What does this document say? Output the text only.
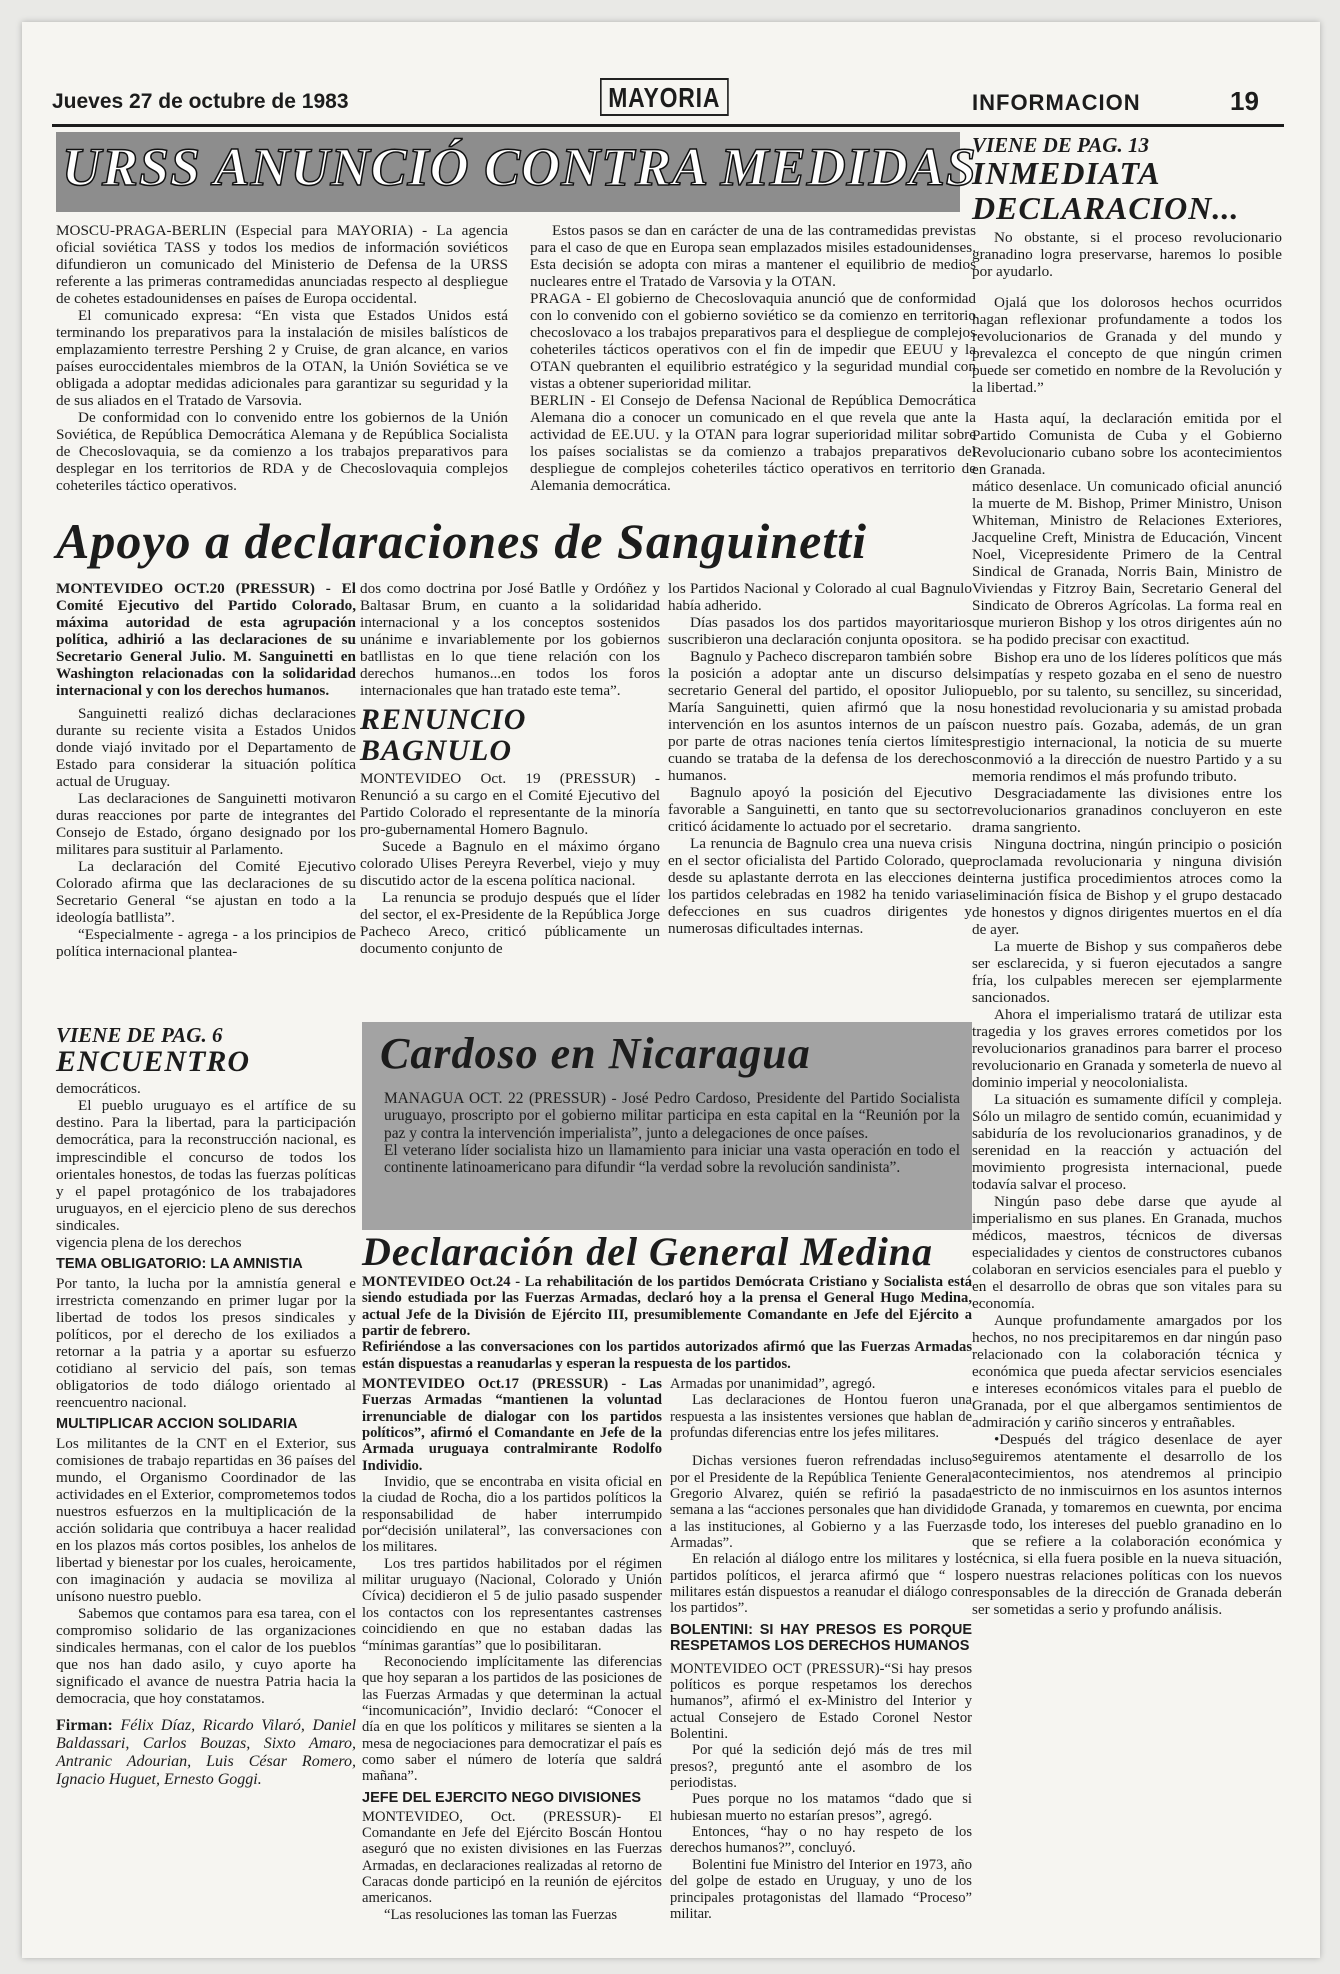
Jueves 27 de octubre de 1983	MAYORIA	INFORMACION	19
URSS ANUNCIÓ CONTRA MEDIDAS

MOSCU-PRAGA-BERLIN (Especial para MAYORIA) - La agencia oficial soviética TASS y todos los medios de información soviéticos difundieron un comunicado del Ministerio de Defensa de la URSS referente a las primeras contramedidas anunciadas respecto al despliegue de cohetes estadounidenses en países de Europa occidental.

El comunicado expresa: “En vista que Estados Unidos está terminando los preparativos para la instalación de misiles balísticos de emplazamiento terrestre Pershing 2 y Cruise, de gran alcance, en varios países euroccidentales miembros de la OTAN, la Unión Soviética se ve obligada a adoptar medidas adicionales para garantizar su seguridad y la de sus aliados en el Tratado de Varsovia.

De conformidad con lo convenido entre los gobiernos de la Unión Soviética, de República Democrática Alemana y de República Socialista de Checoslovaquia, se da comienzo a los trabajos preparativos para desplegar en los territorios de RDA y de Checoslovaquia complejos coheteriles táctico operativos.

Estos pasos se dan en carácter de una de las contramedidas previstas para el caso de que en Europa sean emplazados misiles estadounidenses. Esta decisión se adopta con miras a mantener el equilibrio de medios nucleares entre el Tratado de Varsovia y la OTAN.

PRAGA - El gobierno de Checoslovaquia anunció que de conformidad con lo convenido con el gobierno soviético se da comienzo en territorio checoslovaco a los trabajos preparativos para el despliegue de complejos coheteriles tácticos operativos con el fin de impedir que EEUU y la OTAN quebranten el equilibrio estratégico y la seguridad mundial con vistas a obtener superioridad militar.

BERLIN - El Consejo de Defensa Nacional de República Democrática Alemana dio a conocer un comunicado en el que revela que ante la actividad de EE.UU. y la OTAN para lograr superioridad militar sobre los países socialistas se da comienzo a trabajos preparativos del despliegue de complejos coheteriles táctico operativos en territorio de Alemania democrática.

VIENE DE PAG. 13
INMEDIATA DECLARACION...

No obstante, si el proceso revolucionario granadino logra preservarse, haremos lo posible por ayudarlo.

Ojalá que los dolorosos hechos ocurridos hagan reflexionar profundamente a todos los revolucionarios de Granada y del mundo y prevalezca el concepto de que ningún crimen puede ser cometido en nombre de la Revolución y la libertad.”

Hasta aquí, la declaración emitida por el Partido Comunista de Cuba y el Gobierno Revolucionario cubano sobre los acontecimientos en Granada.

mático desenlace. Un comunicado oficial anunció la muerte de M. Bishop, Primer Ministro, Unison Whiteman, Ministro de Relaciones Exteriores, Jacqueline Creft, Ministra de Educación, Vincent Noel, Vicepresidente Primero de la Central Sindical de Granada, Norris Bain, Ministro de Viviendas y Fitzroy Bain, Secretario General del Sindicato de Obreros Agrícolas. La forma real en que murieron Bishop y los otros dirigentes aún no se ha podido precisar con exactitud.

Bishop era uno de los líderes políticos que más simpatías y respeto gozaba en el seno de nuestro pueblo, por su talento, su sencillez, su sinceridad, su honestidad revolucionaria y su amistad probada con nuestro país. Gozaba, además, de un gran prestigio internacional, la noticia de su muerte conmovió a la dirección de nuestro Partido y a su memoria rendimos el más profundo tributo.

Desgraciadamente las divisiones entre los revolucionarios granadinos concluyeron en este drama sangriento.

Ninguna doctrina, ningún principio o posición proclamada revolucionaria y ninguna división interna justifica procedimientos atroces como la eliminación física de Bishop y el grupo destacado de honestos y dignos dirigentes muertos en el día de ayer.

La muerte de Bishop y sus compañeros debe ser esclarecida, y si fueron ejecutados a sangre fría, los culpables merecen ser ejemplarmente sancionados.

Ahora el imperialismo tratará de utilizar esta tragedia y los graves errores cometidos por los revolucionarios granadinos para barrer el proceso revolucionario en Granada y someterla de nuevo al dominio imperial y neocolonialista.

La situación es sumamente difícil y compleja. Sólo un milagro de sentido común, ecuanimidad y sabiduría de los revolucionarios granadinos, y de serenidad en la reacción y actuación del movimiento progresista internacional, puede todavía salvar el proceso.

Ningún paso debe darse que ayude al imperialismo en sus planes. En Granada, muchos médicos, maestros, técnicos de diversas especialidades y cientos de constructores cubanos colaboran en servicios esenciales para el pueblo y en el desarrollo de obras que son vitales para su economía.

Aunque profundamente amargados por los hechos, no nos precipitaremos en dar ningún paso relacionado con la colaboración técnica y económica que pueda afectar servicios esenciales e intereses económicos vitales para el pueblo de Granada, por el que albergamos sentimientos de admiración y cariño sinceros y entrañables.

•Después del trágico desenlace de ayer seguiremos atentamente el desarrollo de los acontecimientos, nos atendremos al principio estricto de no inmiscuirnos en los asuntos internos de Granada, y tomaremos en cuewnta, por encima de todo, los intereses del pueblo granadino en lo que se refiere a la colaboración económica y técnica, si ella fuera posible en la nueva situación, pero nuestras relaciones políticas con los nuevos responsables de la dirección de Granada deberán ser sometidas a serio y profundo análisis.

Apoyo a declaraciones de Sanguinetti

MONTEVIDEO OCT.20 (PRESSUR) - El Comité Ejecutivo del Partido Colorado, máxima autoridad de esta agrupación política, adhirió a las declaraciones de su Secretario General Julio. M. Sanguinetti en Washington relacionadas con la solidaridad internacional y con los derechos humanos.

Sanguinetti realizó dichas declaraciones durante su reciente visita a Estados Unidos donde viajó invitado por el Departamento de Estado para considerar la situación política actual de Uruguay.

Las declaraciones de Sanguinetti motivaron duras reacciones por parte de integrantes del Consejo de Estado, órgano designado por los militares para sustituir al Parlamento.

La declaración del Comité Ejecutivo Colorado afirma que las declaraciones de su Secretario General “se ajustan en todo a la ideología batllista”.

“Especialmente - agrega - a los principios de política internacional plantea-

dos como doctrina por José Batlle y Ordóñez y Baltasar Brum, en cuanto a la solidaridad internacional y a los conceptos sostenidos unánime e invariablemente por los gobiernos batllistas en lo que tiene relación con los derechos humanos...en todos los foros internacionales que han tratado este tema”.

RENUNCIO BAGNULO

MONTEVIDEO Oct. 19 (PRESSUR) - Renunció a su cargo en el Comité Ejecutivo del Partido Colorado el representante de la minoría pro-gubernamental Homero Bagnulo.

Sucede a Bagnulo en el máximo órgano colorado Ulises Pereyra Reverbel, viejo y muy discutido actor de la escena política nacional.

La renuncia se produjo después que el líder del sector, el ex-Presidente de la República Jorge Pacheco Areco, criticó públicamente un documento conjunto de

los Partidos Nacional y Colorado al cual Bagnulo había adherido.

Días pasados los dos partidos mayoritarios suscribieron una declaración conjunta opositora.

Bagnulo y Pacheco discreparon también sobre la posición a adoptar ante un discurso del secretario General del partido, el opositor Julio María Sanguinetti, quien afirmó que la no intervención en los asuntos internos de un país por parte de otras naciones tenía ciertos límites cuando se trataba de la defensa de los derechos humanos.

Bagnulo apoyó la posición del Ejecutivo favorable a Sanguinetti, en tanto que su sector criticó ácidamente lo actuado por el secretario.

La renuncia de Bagnulo crea una nueva crisis en el sector oficialista del Partido Colorado, que desde su aplastante derrota en las elecciones de los partidos celebradas en 1982 ha tenido varias defecciones en sus cuadros dirigentes y numerosas dificultades internas.

VIENE DE PAG. 6
ENCUENTRO

democráticos.

El pueblo uruguayo es el artífice de su destino. Para la libertad, para la participación democrática, para la reconstrucción nacional, es imprescindible el concurso de todos los orientales honestos, de todas las fuerzas políticas y el papel protagónico de los trabajadores uruguayos, en el ejercicio pleno de sus derechos sindicales.

vigencia plena de los derechos

TEMA OBLIGATORIO: LA AMNISTIA

Por tanto, la lucha por la amnistía general e irrestricta comenzando en primer lugar por la libertad de todos los presos sindicales y políticos, por el derecho de los exiliados a retornar a la patria y a aportar su esfuerzo cotidiano al servicio del país, son temas obligatorios de todo diálogo orientado al reencuentro nacional.

MULTIPLICAR ACCION SOLIDARIA

Los militantes de la CNT en el Exterior, sus comisiones de trabajo repartidas en 36 países del mundo, el Organismo Coordinador de las actividades en el Exterior, comprometemos todos nuestros esfuerzos en la multiplicación de la acción solidaria que contribuya a hacer realidad en los plazos más cortos posibles, los anhelos de libertad y bienestar por los cuales, heroicamente, con imaginación y audacia se moviliza al unísono nuestro pueblo.

Sabemos que contamos para esa tarea, con el compromiso solidario de las organizaciones sindicales hermanas, con el calor de los pueblos que nos han dado asilo, y cuyo aporte ha significado el avance de nuestra Patria hacia la democracia, que hoy constatamos.

Firman: Félix Díaz, Ricardo Vilaró, Daniel Baldassari, Carlos Bouzas, Sixto Amaro, Antranic Adourian, Luis César Romero, Ignacio Huguet, Ernesto Goggi.

Cardoso en Nicaragua

MANAGUA OCT. 22 (PRESSUR) - José Pedro Cardoso, Presidente del Partido Socialista uruguayo, proscripto por el gobierno militar participa en esta capital en la “Reunión por la paz y contra la intervención imperialista”, junto a delegaciones de once países.

El veterano líder socialista hizo un llamamiento para iniciar una vasta operación en todo el continente latinoamericano para difundir “la verdad sobre la revolución sandinista”.

Declaración del General Medina

MONTEVIDEO Oct.24 - La rehabilitación de los partidos Demócrata Cristiano y Socialista está siendo estudiada por las Fuerzas Armadas, declaró hoy a la prensa el General Hugo Medina, actual Jefe de la División de Ejército III, presumiblemente Comandante en Jefe del Ejército a partir de febrero.

Refiriéndose a las conversaciones con los partidos autorizados afirmó que las Fuerzas Armadas están dispuestas a reanudarlas y esperan la respuesta de los partidos.

MONTEVIDEO Oct.17 (PRESSUR) - Las Fuerzas Armadas “mantienen la voluntad irrenunciable de dialogar con los partidos políticos”, afirmó el Comandante en Jefe de la Armada uruguaya contralmirante Rodolfo Individio.

Invidio, que se encontraba en visita oficial en la ciudad de Rocha, dio a los partidos políticos la responsabilidad de haber interrumpido por“decisión unilateral”, las conversaciones con los militares.

Los tres partidos habilitados por el régimen militar uruguayo (Nacional, Colorado y Unión Cívica) decidieron el 5 de julio pasado suspender los contactos con los representantes castrenses coincidiendo en que no estaban dadas las “mínimas garantías” que lo posibilitaran.

Reconociendo implícitamente las diferencias que hoy separan a los partidos de las posiciones de las Fuerzas Armadas y que determinan la actual “incomunicación”, Invidio declaró: “Conocer el día en que los políticos y militares se sienten a la mesa de negociaciones para democratizar el país es como saber el número de lotería que saldrá mañana”.

JEFE DEL EJERCITO NEGO DIVISIONES

MONTEVIDEO, Oct. (PRESSUR)- El Comandante en Jefe del Ejército Boscán Hontou aseguró que no existen divisiones en las Fuerzas Armadas, en declaraciones realizadas al retorno de Caracas donde participó en la reunión de ejércitos americanos.

“Las resoluciones las toman las Fuerzas

Armadas por unanimidad”, agregó.

Las declaraciones de Hontou fueron una respuesta a las insistentes versiones que hablan de profundas diferencias entre los jefes militares.

Dichas versiones fueron refrendadas incluso por el Presidente de la República Teniente General Gregorio Alvarez, quién se refirió la pasada semana a las “acciones personales que han dividido a las instituciones, al Gobierno y a las Fuerzas Armadas”.

En relación al diálogo entre los militares y los partidos políticos, el jerarca afirmó que “ los militares están dispuestos a reanudar el diálogo con los partidos”.

BOLENTINI: SI HAY PRESOS ES PORQUE RESPETAMOS LOS DERECHOS HUMANOS

MONTEVIDEO OCT (PRESSUR)-“Si hay presos políticos es porque respetamos los derechos humanos”, afirmó el ex-Ministro del Interior y actual Consejero de Estado Coronel Nestor Bolentini.

Por qué la sedición dejó más de tres mil presos?, preguntó ante el asombro de los periodistas.

Pues porque no los matamos “dado que si hubiesan muerto no estarían presos”, agregó.

Entonces, “hay o no hay respeto de los derechos humanos?”, concluyó.

Bolentini fue Ministro del Interior en 1973, año del golpe de estado en Uruguay, y uno de los principales protagonistas del llamado “Proceso” militar.
